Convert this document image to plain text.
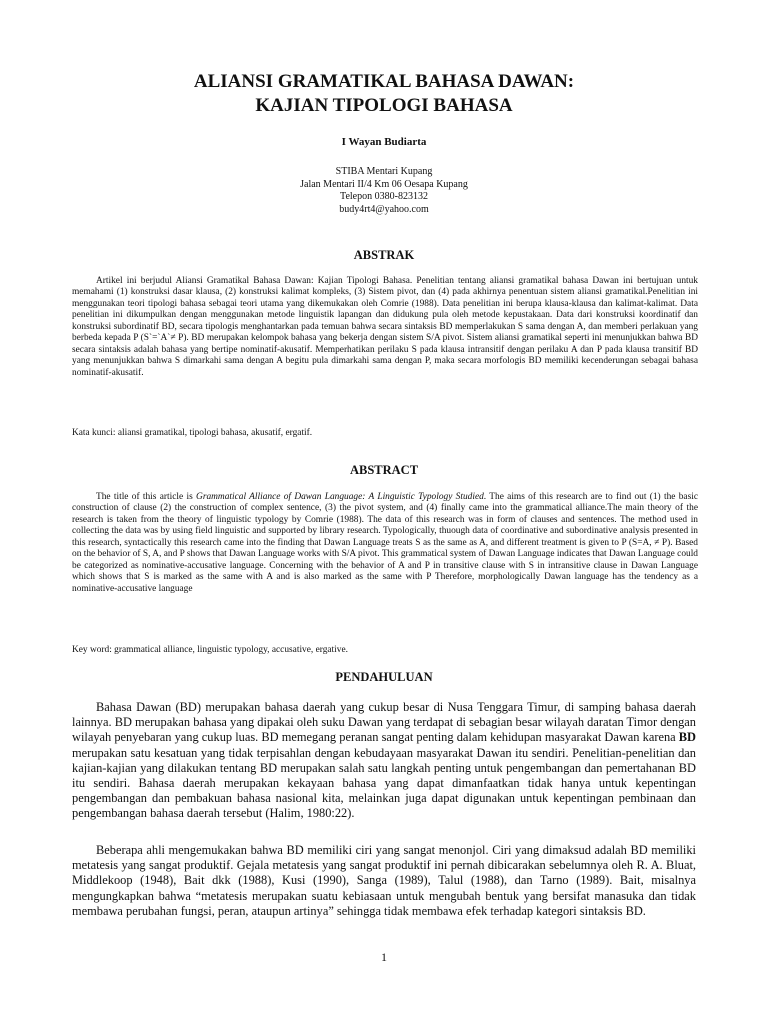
ALIANSI GRAMATIKAL BAHASA DAWAN:
KAJIAN TIPOLOGI BAHASA
I Wayan Budiarta
STIBA Mentari Kupang
Jalan Mentari II/4 Km 06 Oesapa Kupang
Telepon 0380-823132
budy4rt4@yahoo.com
ABSTRAK
Artikel ini berjudul Aliansi Gramatikal Bahasa Dawan: Kajian Tipologi Bahasa. Penelitian tentang aliansi gramatikal bahasa Dawan ini bertujuan untuk memahami (1) konstruksi dasar klausa, (2) konstruksi kalimat kompleks, (3) Sistem pivot, dan (4) pada akhirnya penentuan sistem aliansi gramatikal.Penelitian ini menggunakan teori tipologi bahasa sebagai teori utama yang dikemukakan oleh Comrie (1988). Data penelitian ini berupa klausa-klausa dan kalimat-kalimat. Data penelitian ini dikumpulkan dengan menggunakan metode linguistik lapangan dan didukung pula oleh metode kepustakaan. Data dari konstruksi koordinatif dan konstruksi subordinatif BD, secara tipologis menghantarkan pada temuan bahwa secara sintaksis BD memperlakukan S sama dengan A, dan memberi perlakuan yang berbeda kepada P (S`=`A`≠ P). BD merupakan kelompok bahasa yang bekerja dengan sistem S/A pivot. Sistem aliansi gramatikal seperti ini menunjukkan bahwa BD secara sintaksis adalah bahasa yang bertipe nominatif-akusatif. Memperhatikan perilaku S pada klausa intransitif dengan perilaku A dan P pada klausa transitif BD yang menunjukkan bahwa S dimarkahi sama dengan A begitu pula dimarkahi sama dengan P, maka secara morfologis BD memiliki kecenderungan sebagai bahasa nominatif-akusatif.
Kata kunci: aliansi gramatikal, tipologi bahasa, akusatif, ergatif.
ABSTRACT
The title of this article is Grammatical Alliance of Dawan Language: A Linguistic Typology Studied. The aims of this research are to find out (1) the basic construction of clause (2) the construction of complex sentence, (3) the pivot system, and (4) finally came into the grammatical alliance.The main theory of the research is taken from the theory of linguistic typology by Comrie (1988). The data of this research was in form of clauses and sentences. The method used in collecting the data was by using field linguistic and supported by library research. Typologically, thuough data of coordinative and subordinative analysis presented in this research, syntactically this research came into the finding that Dawan Language treats S as the same as A, and different treatment is given to P (S=A, ≠ P). Based on the behavior of S, A, and P shows that Dawan Language works with S/A pivot. This grammatical system of Dawan Language indicates that Dawan Language could be categorized as nominative-accusative language. Concerning with the behavior of A and P in transitive clause with S in intransitive clause in Dawan Language which shows that S is marked as the same with A and is also marked as the same with P Therefore, morphologically Dawan language has the tendency as a nominative-accusative language
Key word: grammatical alliance, linguistic typology, accusative, ergative.
PENDAHULUAN
Bahasa Dawan (BD) merupakan bahasa daerah yang cukup besar di Nusa Tenggara Timur, di samping bahasa daerah lainnya. BD merupakan bahasa yang dipakai oleh suku Dawan yang terdapat di sebagian besar wilayah daratan Timor dengan wilayah penyebaran yang cukup luas. BD memegang peranan sangat penting dalam kehidupan masyarakat Dawan karena BD merupakan satu kesatuan yang tidak terpisahlan dengan kebudayaan masyarakat Dawan itu sendiri. Penelitian-penelitian dan kajian-kajian yang dilakukan tentang BD merupakan salah satu langkah penting untuk pengembangan dan pemertahanan BD itu sendiri. Bahasa daerah merupakan kekayaan bahasa yang dapat dimanfaatkan tidak hanya untuk kepentingan pengembangan dan pembakuan bahasa nasional kita, melainkan juga dapat digunakan untuk kepentingan pembinaan dan pengembangan bahasa daerah tersebut (Halim, 1980:22).
Beberapa ahli mengemukakan bahwa BD memiliki ciri yang sangat menonjol. Ciri yang dimaksud adalah BD memiliki metatesis yang sangat produktif. Gejala metatesis yang sangat produktif ini pernah dibicarakan sebelumnya oleh R. A. Bluat, Middlekoop (1948), Bait dkk (1988), Kusi (1990), Sanga (1989), Talul (1988), dan Tarno (1989). Bait, misalnya mengungkapkan bahwa “metatesis merupakan suatu kebiasaan untuk mengubah bentuk yang bersifat manasuka dan tidak membawa perubahan fungsi, peran, ataupun artinya” sehingga tidak membawa efek terhadap kategori sintaksis BD.
1
